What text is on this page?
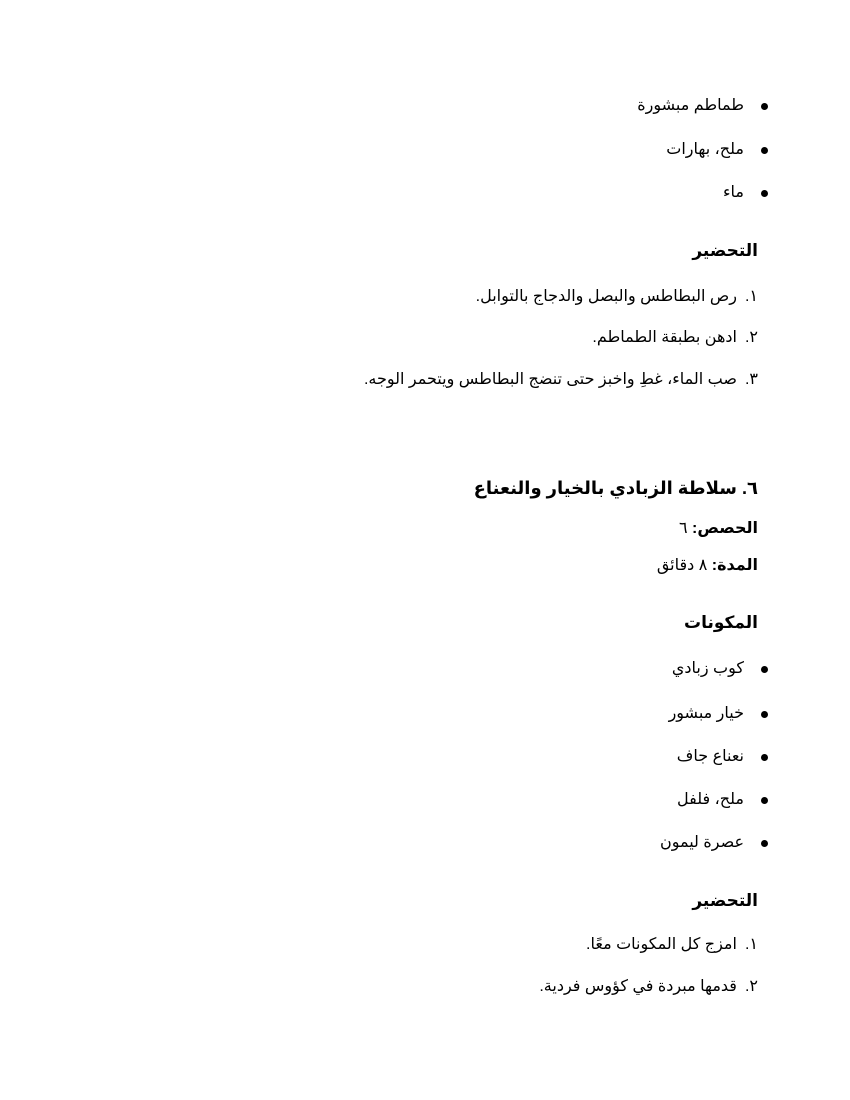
طماطم مبشورة
ملح، بهارات
ماء
التحضير
١.رص البطاطس والبصل والدجاج بالتوابل.
٢.ادهن بطبقة الطماطم.
٣.صب الماء، غطِ واخبز حتى تنضج البطاطس ويتحمر الوجه.
٦. سلاطة الزبادي بالخيار والنعناع
الحصص: ٦
المدة: ٨ دقائق
المكونات
كوب زبادي
خيار مبشور
نعناع جاف
ملح، فلفل
عصرة ليمون
التحضير
١.امزج كل المكونات معًا.
٢.قدمها مبردة في كؤوس فردية.
